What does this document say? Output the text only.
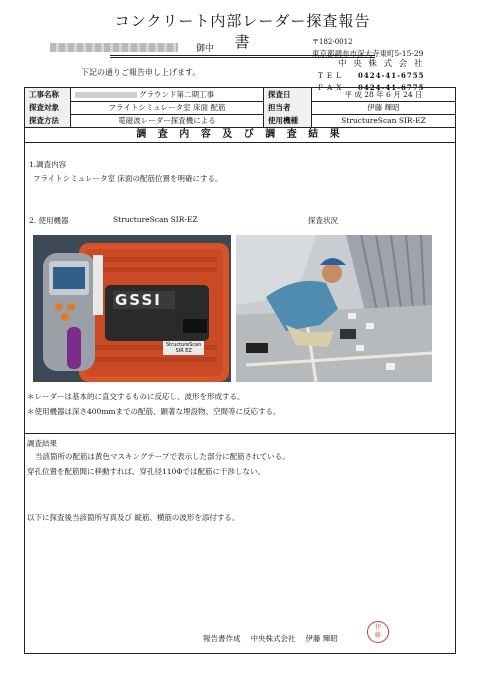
コンクリート内部レーダー探査報告書
御中
下記の通りご報告申し上げます。
〒182-0012
東京都調布市深大寺東町5-15-29
中 央 株 式 会 社
T E L 0424-41-6755
F A X 0424-41-6775
工事名称	グラウンド第二期工事	探査日	平 成 28 年 6 月 24 日
探査対象	フライトシミュレータ室 床面 配筋	担当者	伊藤 輝昭
探査方法	電磁波レーダー探査機による	使用機種	StructureScan SIR-EZ
調 査 内 容 及 び 調 査 結 果
1.調査内容
フライトシミュレータ室 床面の配筋位置を明確にする。
2. 使用機器	StructureScan SIR-EZ	探査状況
GSSI
StructureScan
SIR EZ
＊レーダーは基本的に直交するものに反応し、波形を形成する。
＊使用機器は深さ400mmまでの配筋、顕著な埋設物、空間等に反応する。
調査結果
当該箇所の配筋は黄色マスキングテープで表示した部分に配筋されている。
穿孔位置を配筋間に移動すれば、穿孔径110Φでは配筋に干渉しない。
以下に探査後当該箇所写真及び 縦筋、横筋の波形を添付する。
報告書作成 中央株式会社 伊藤 輝昭
伊
藤
